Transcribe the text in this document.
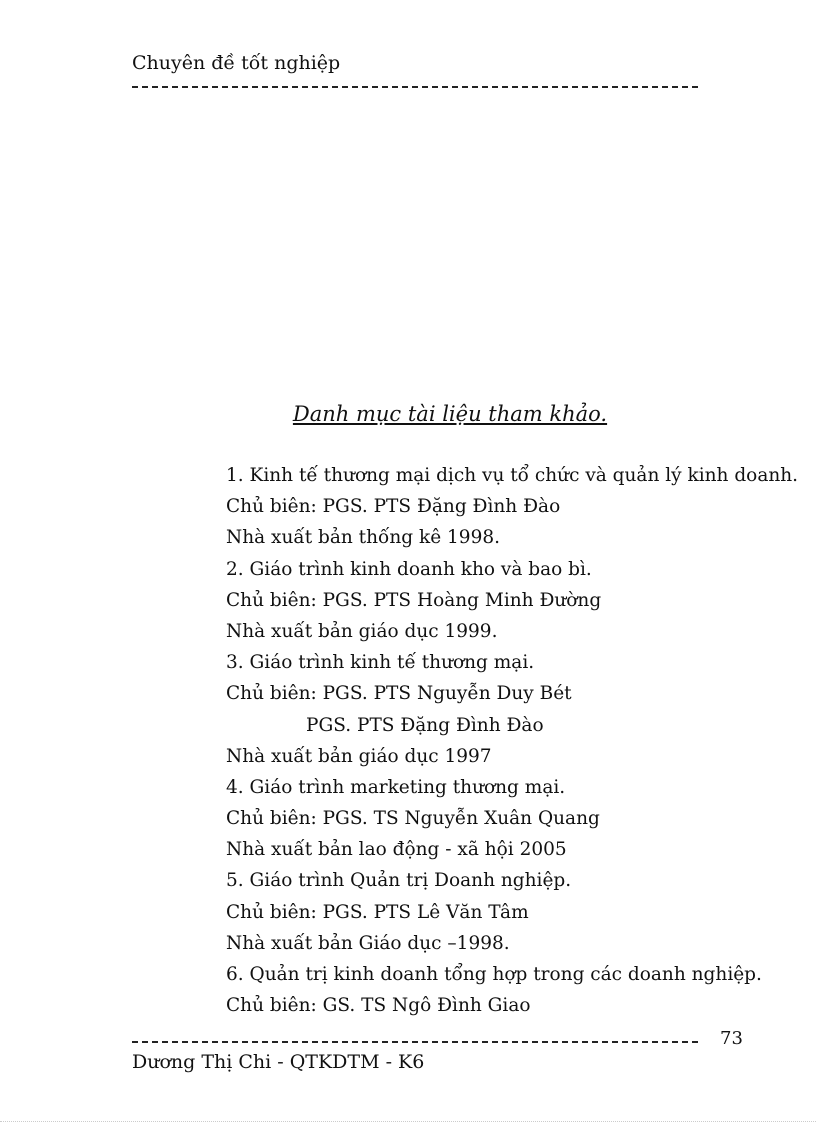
Chuyên đề tốt nghiệp
Danh mục tài liệu tham khảo.
1. Kinh tế thương mại dịch vụ tổ chức và quản lý kinh doanh.
Chủ biên: PGS. PTS Đặng Đình Đào
Nhà xuất bản thống kê 1998.
2. Giáo trình kinh doanh kho và bao bì.
Chủ biên: PGS. PTS Hoàng Minh Đường
Nhà xuất bản giáo dục 1999.
3. Giáo trình kinh tế thương mại.
Chủ biên: PGS. PTS Nguyễn Duy Bét
PGS. PTS Đặng Đình Đào
Nhà xuất bản giáo dục 1997
4. Giáo trình marketing thương mại.
Chủ biên: PGS. TS Nguyễn Xuân Quang
Nhà xuất bản lao động - xã hội 2005
5. Giáo trình Quản trị Doanh nghiệp.
Chủ biên: PGS. PTS Lê Văn Tâm
Nhà xuất bản Giáo dục –1998.
6. Quản trị kinh doanh tổng hợp trong các doanh nghiệp.
Chủ biên: GS. TS Ngô Đình Giao
73
Dương Thị Chi - QTKDTM - K6
